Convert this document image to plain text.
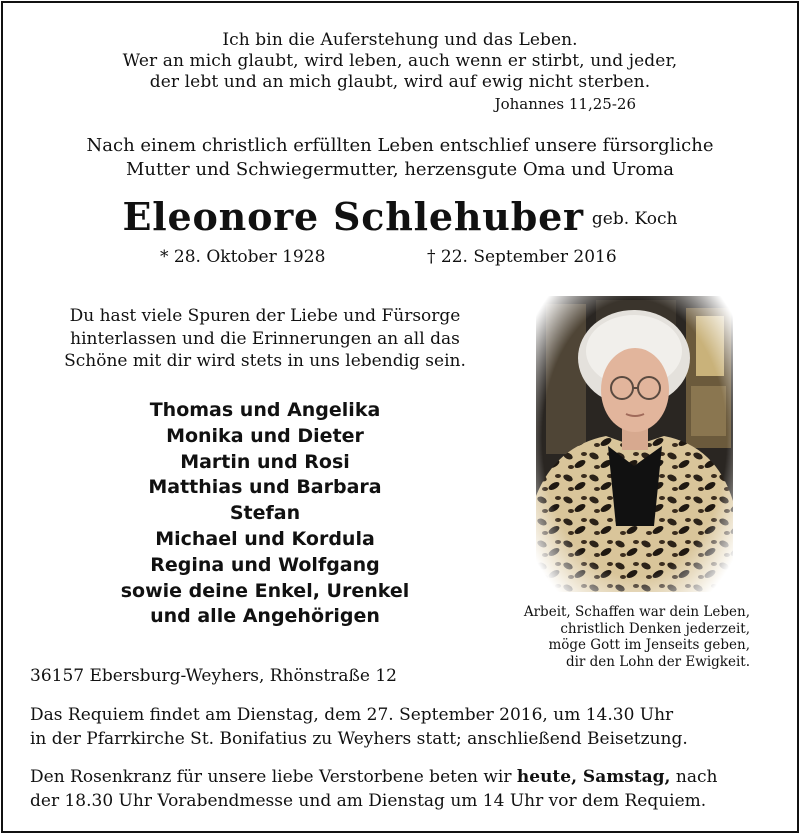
Ich bin die Auferstehung und das Leben.
Wer an mich glaubt, wird leben, auch wenn er stirbt, und jeder,
der lebt und an mich glaubt, wird auf ewig nicht sterben.
Johannes 11,25-26
Nach einem christlich erfüllten Leben entschlief unsere fürsorgliche
Mutter und Schwiegermutter, herzensgute Oma und Uroma
Eleonore Schlehuber geb. Koch
* 28. Oktober 1928	† 22. September 2016
Du hast viele Spuren der Liebe und Fürsorge
hinterlassen und die Erinnerungen an all das
Schöne mit dir wird stets in uns lebendig sein.
Thomas und Angelika
Monika und Dieter
Martin und Rosi
Matthias und Barbara
Stefan
Michael und Kordula
Regina und Wolfgang
sowie deine Enkel, Urenkel
und alle Angehörigen	Arbeit, Schaffen war dein Leben,
christlich Denken jederzeit,
möge Gott im Jenseits geben,
dir den Lohn der Ewigkeit.
36157 Ebersburg-Weyhers, Rhönstraße 12
Das Requiem findet am Dienstag, dem 27. September 2016, um 14.30 Uhr
in der Pfarrkirche St. Bonifatius zu Weyhers statt; anschließend Beisetzung.
Den Rosenkranz für unsere liebe Verstorbene beten wir heute, Samstag, nach
der 18.30 Uhr Vorabendmesse und am Dienstag um 14 Uhr vor dem Requiem.
